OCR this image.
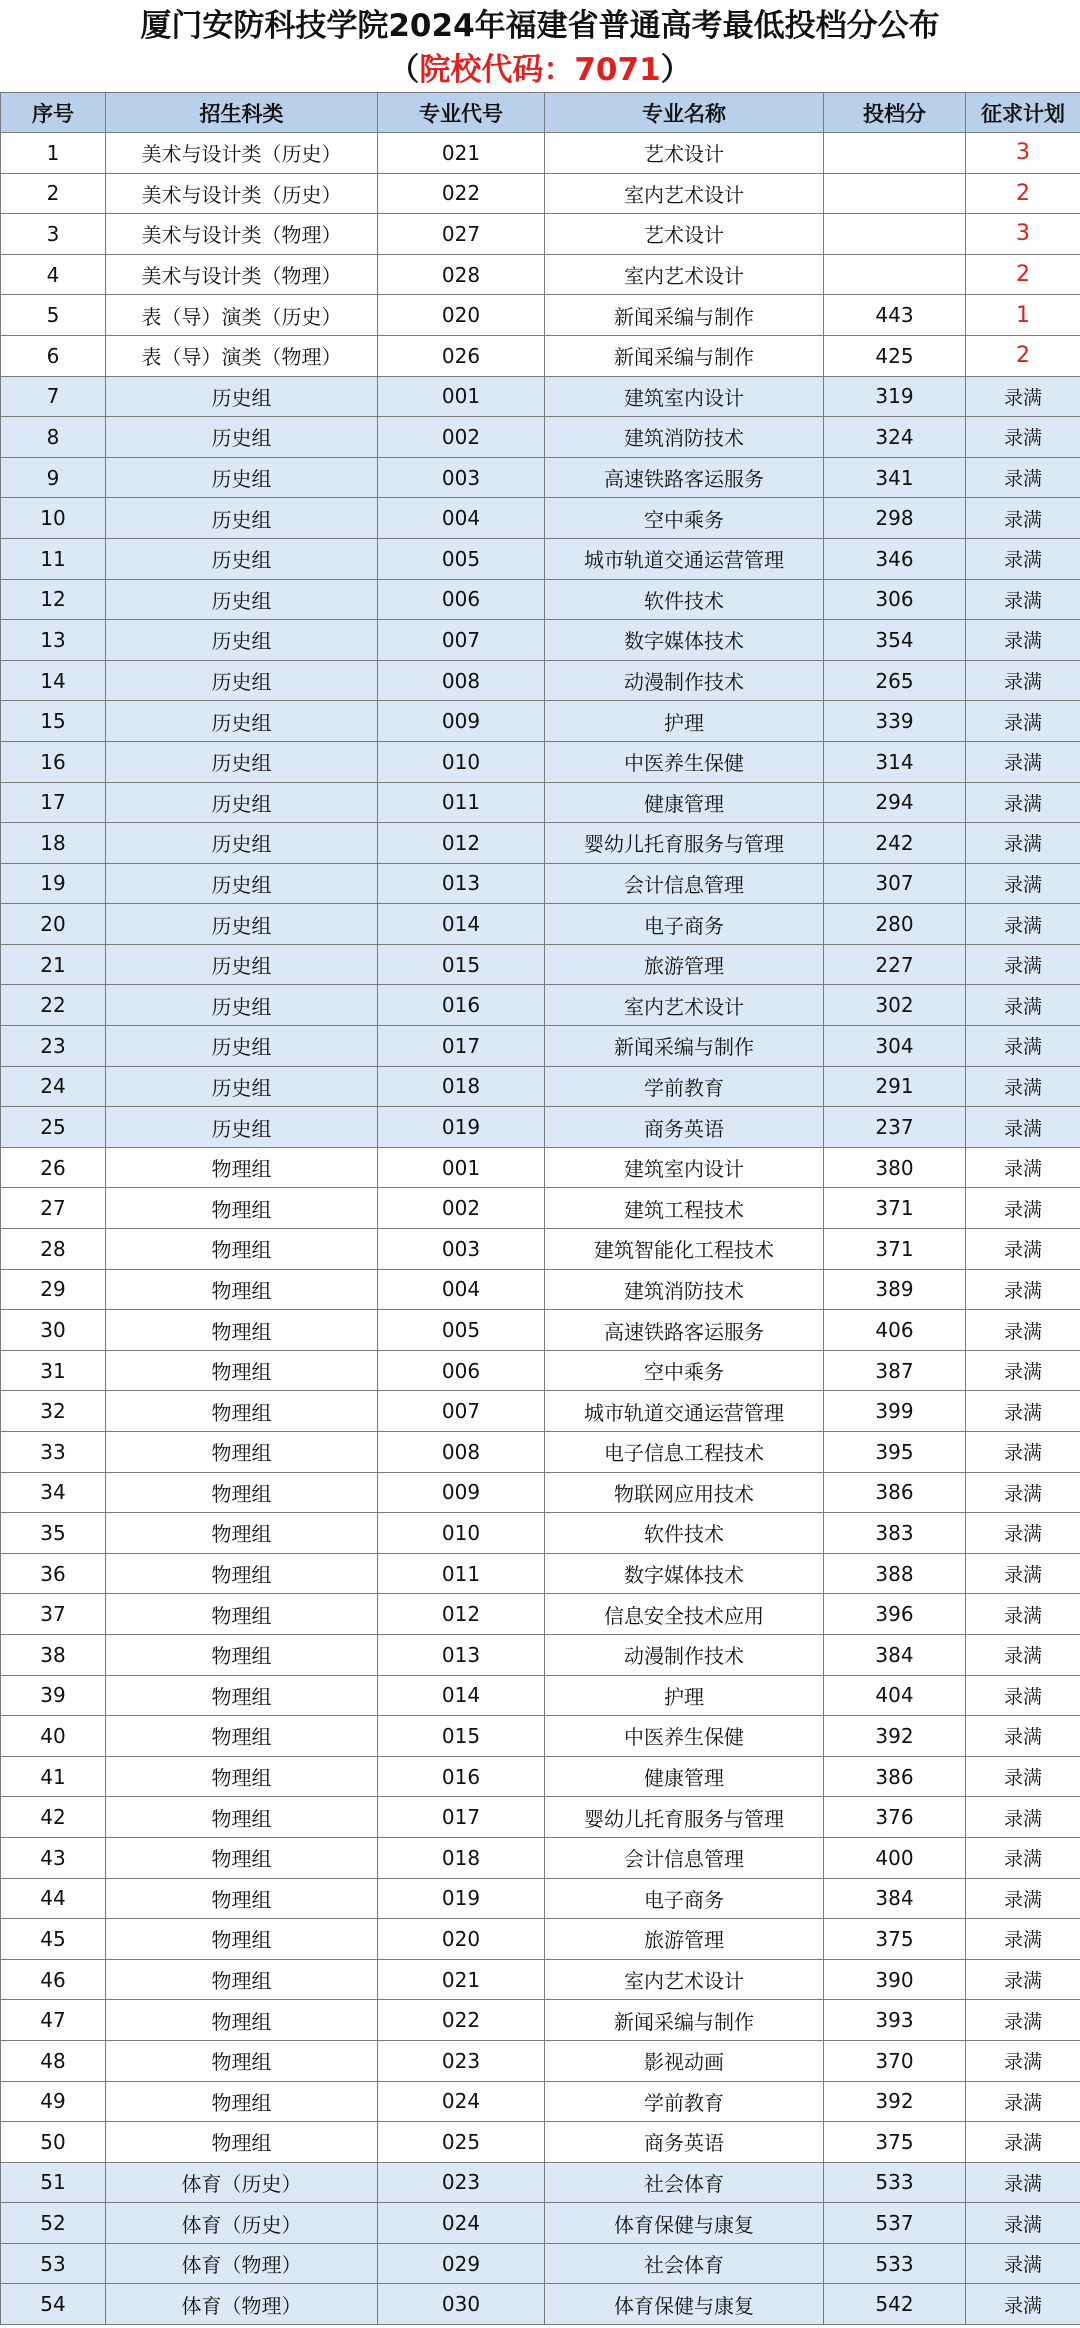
厦门安防科技学院2024年福建省普通高考最低投档分公布
（院校代码：7071）
序号	招生科类	专业代号	专业名称	投档分	征求计划
1	美术与设计类（历史）	021	艺术设计		3
2	美术与设计类（历史）	022	室内艺术设计		2
3	美术与设计类（物理）	027	艺术设计		3
4	美术与设计类（物理）	028	室内艺术设计		2
5	表（导）演类（历史）	020	新闻采编与制作	443	1
6	表（导）演类（物理）	026	新闻采编与制作	425	2
7	历史组	001	建筑室内设计	319	录满
8	历史组	002	建筑消防技术	324	录满
9	历史组	003	高速铁路客运服务	341	录满
10	历史组	004	空中乘务	298	录满
11	历史组	005	城市轨道交通运营管理	346	录满
12	历史组	006	软件技术	306	录满
13	历史组	007	数字媒体技术	354	录满
14	历史组	008	动漫制作技术	265	录满
15	历史组	009	护理	339	录满
16	历史组	010	中医养生保健	314	录满
17	历史组	011	健康管理	294	录满
18	历史组	012	婴幼儿托育服务与管理	242	录满
19	历史组	013	会计信息管理	307	录满
20	历史组	014	电子商务	280	录满
21	历史组	015	旅游管理	227	录满
22	历史组	016	室内艺术设计	302	录满
23	历史组	017	新闻采编与制作	304	录满
24	历史组	018	学前教育	291	录满
25	历史组	019	商务英语	237	录满
26	物理组	001	建筑室内设计	380	录满
27	物理组	002	建筑工程技术	371	录满
28	物理组	003	建筑智能化工程技术	371	录满
29	物理组	004	建筑消防技术	389	录满
30	物理组	005	高速铁路客运服务	406	录满
31	物理组	006	空中乘务	387	录满
32	物理组	007	城市轨道交通运营管理	399	录满
33	物理组	008	电子信息工程技术	395	录满
34	物理组	009	物联网应用技术	386	录满
35	物理组	010	软件技术	383	录满
36	物理组	011	数字媒体技术	388	录满
37	物理组	012	信息安全技术应用	396	录满
38	物理组	013	动漫制作技术	384	录满
39	物理组	014	护理	404	录满
40	物理组	015	中医养生保健	392	录满
41	物理组	016	健康管理	386	录满
42	物理组	017	婴幼儿托育服务与管理	376	录满
43	物理组	018	会计信息管理	400	录满
44	物理组	019	电子商务	384	录满
45	物理组	020	旅游管理	375	录满
46	物理组	021	室内艺术设计	390	录满
47	物理组	022	新闻采编与制作	393	录满
48	物理组	023	影视动画	370	录满
49	物理组	024	学前教育	392	录满
50	物理组	025	商务英语	375	录满
51	体育（历史）	023	社会体育	533	录满
52	体育（历史）	024	体育保健与康复	537	录满
53	体育（物理）	029	社会体育	533	录满
54	体育（物理）	030	体育保健与康复	542	录满
